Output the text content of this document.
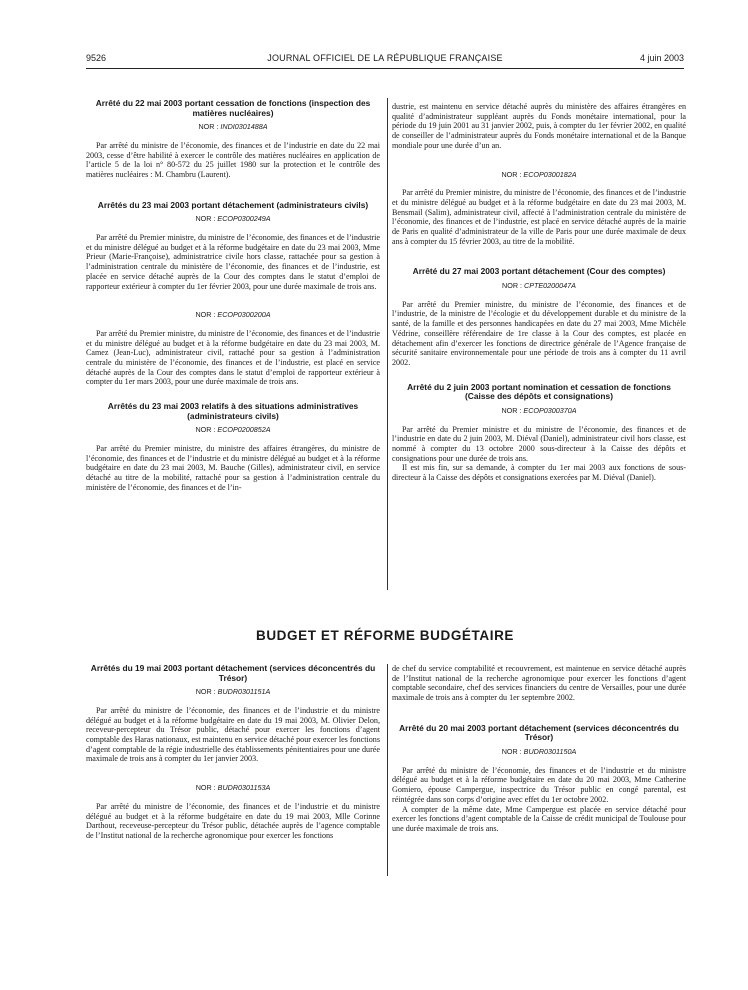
9526	JOURNAL OFFICIEL DE LA RÉPUBLIQUE FRANÇAISE	4 juin 2003
Arrêté du 22 mai 2003 portant cessation de fonctions (inspection des matières nucléaires)
NOR : INDI0301488A

Par arrêté du ministre de l’économie, des finances et de l’industrie en date du 22 mai 2003, cesse d’être habilité à exercer le contrôle des matières nucléaires en application de l’article 5 de la loi n° 80-572 du 25 juillet 1980 sur la protection et le contrôle des matières nucléaires : M. Chambru (Laurent).

Arrêtés du 23 mai 2003 portant détachement (administrateurs civils)
NOR : ECOP0300249A

Par arrêté du Premier ministre, du ministre de l’économie, des finances et de l’industrie et du ministre délégué au budget et à la réforme budgétaire en date du 23 mai 2003, Mme Prieur (Marie-Françoise), administratrice civile hors classe, rattachée pour sa gestion à l’administration centrale du ministère de l’économie, des finances et de l’industrie, est placée en service détaché auprès de la Cour des comptes dans le statut d’emploi de rapporteur extérieur à compter du 1er février 2003, pour une durée maximale de trois ans.

NOR : ECOP0300200A

Par arrêté du Premier ministre, du ministre de l’économie, des finances et de l’industrie et du ministre délégué au budget et à la réforme budgétaire en date du 23 mai 2003, M. Camez (Jean-Luc), administrateur civil, rattaché pour sa gestion à l’administration centrale du ministère de l’économie, des finances et de l’industrie, est placé en service détaché auprès de la Cour des comptes dans le statut d’emploi de rapporteur extérieur à compter du 1er mars 2003, pour une durée maximale de trois ans.

Arrêtés du 23 mai 2003 relatifs à des situations administratives (administrateurs civils)
NOR : ECOP0200852A

Par arrêté du Premier ministre, du ministre des affaires étrangères, du ministre de l’économie, des finances et de l’industrie et du ministre délégué au budget et à la réforme budgétaire en date du 23 mai 2003, M. Bauche (Gilles), administrateur civil, en service détaché au titre de la mobilité, rattaché pour sa gestion à l’administration centrale du ministère de l’économie, des finances et de l’in-

dustrie, est maintenu en service détaché auprès du ministère des affaires étrangères en qualité d’administrateur suppléant auprès du Fonds monétaire international, pour la période du 19 juin 2001 au 31 janvier 2002, puis, à compter du 1er février 2002, en qualité de conseiller de l’administrateur auprès du Fonds monétaire international et de la Banque mondiale pour une durée d’un an.

NOR : ECOP0300182A

Par arrêté du Premier ministre, du ministre de l’économie, des finances et de l’industrie et du ministre délégué au budget et à la réforme budgétaire en date du 23 mai 2003, M. Bensmail (Salim), administrateur civil, affecté à l’administration centrale du ministère de l’économie, des finances et de l’industrie, est placé en service détaché auprès de la mairie de Paris en qualité d’administrateur de la ville de Paris pour une durée maximale de deux ans à compter du 15 février 2003, au titre de la mobilité.

Arrêté du 27 mai 2003 portant détachement (Cour des comptes)
NOR : CPTE0200047A

Par arrêté du Premier ministre, du ministre de l’économie, des finances et de l’industrie, de la ministre de l’écologie et du développement durable et du ministre de la santé, de la famille et des personnes handicapées en date du 27 mai 2003, Mme Michèle Védrine, conseillère référendaire de 1re classe à la Cour des comptes, est placée en détachement afin d’exercer les fonctions de directrice générale de l’Agence française de sécurité sanitaire environnementale pour une période de trois ans à compter du 11 avril 2002.

Arrêté du 2 juin 2003 portant nomination et cessation de fonctions (Caisse des dépôts et consignations)
NOR : ECOP0300370A

Par arrêté du Premier ministre et du ministre de l’économie, des finances et de l’industrie en date du 2 juin 2003, M. Diéval (Daniel), administrateur civil hors classe, est nommé à compter du 13 octobre 2000 sous-directeur à la Caisse des dépôts et consignations pour une durée de trois ans.

Il est mis fin, sur sa demande, à compter du 1er mai 2003 aux fonctions de sous-directeur à la Caisse des dépôts et consignations exercées par M. Diéval (Daniel).

BUDGET ET RÉFORME BUDGÉTAIRE
Arrêtés du 19 mai 2003 portant détachement (services déconcentrés du Trésor)
NOR : BUDR0301151A

Par arrêté du ministre de l’économie, des finances et de l’industrie et du ministre délégué au budget et à la réforme budgétaire en date du 19 mai 2003, M. Olivier Delon, receveur-percepteur du Trésor public, détaché pour exercer les fonctions d’agent comptable des Haras nationaux, est maintenu en service détaché pour exercer les fonctions d’agent comptable de la régie industrielle des établissements pénitentiaires pour une durée maximale de trois ans à compter du 1er janvier 2003.

NOR : BUDR0301153A

Par arrêté du ministre de l’économie, des finances et de l’industrie et du ministre délégué au budget et à la réforme budgétaire en date du 19 mai 2003, Mlle Corinne Darthout, receveuse-percepteur du Trésor public, détachée auprès de l’agence comptable de l’Institut national de la recherche agronomique pour exercer les fonctions

de chef du service comptabilité et recouvrement, est maintenue en service détaché auprès de l’Institut national de la recherche agronomique pour exercer les fonctions d’agent comptable secondaire, chef des services financiers du centre de Versailles, pour une durée maximale de trois ans à compter du 1er septembre 2002.

Arrêté du 20 mai 2003 portant détachement (services déconcentrés du Trésor)
NOR : BUDR0301150A

Par arrêté du ministre de l’économie, des finances et de l’industrie et du ministre délégué au budget et à la réforme budgétaire en date du 20 mai 2003, Mme Catherine Gomiero, épouse Campergue, inspectrice du Trésor public en congé parental, est réintégrée dans son corps d’origine avec effet du 1er octobre 2002.

A compter de la même date, Mme Campergue est placée en service détaché pour exercer les fonctions d’agent comptable de la Caisse de crédit municipal de Toulouse pour une durée maximale de trois ans.
